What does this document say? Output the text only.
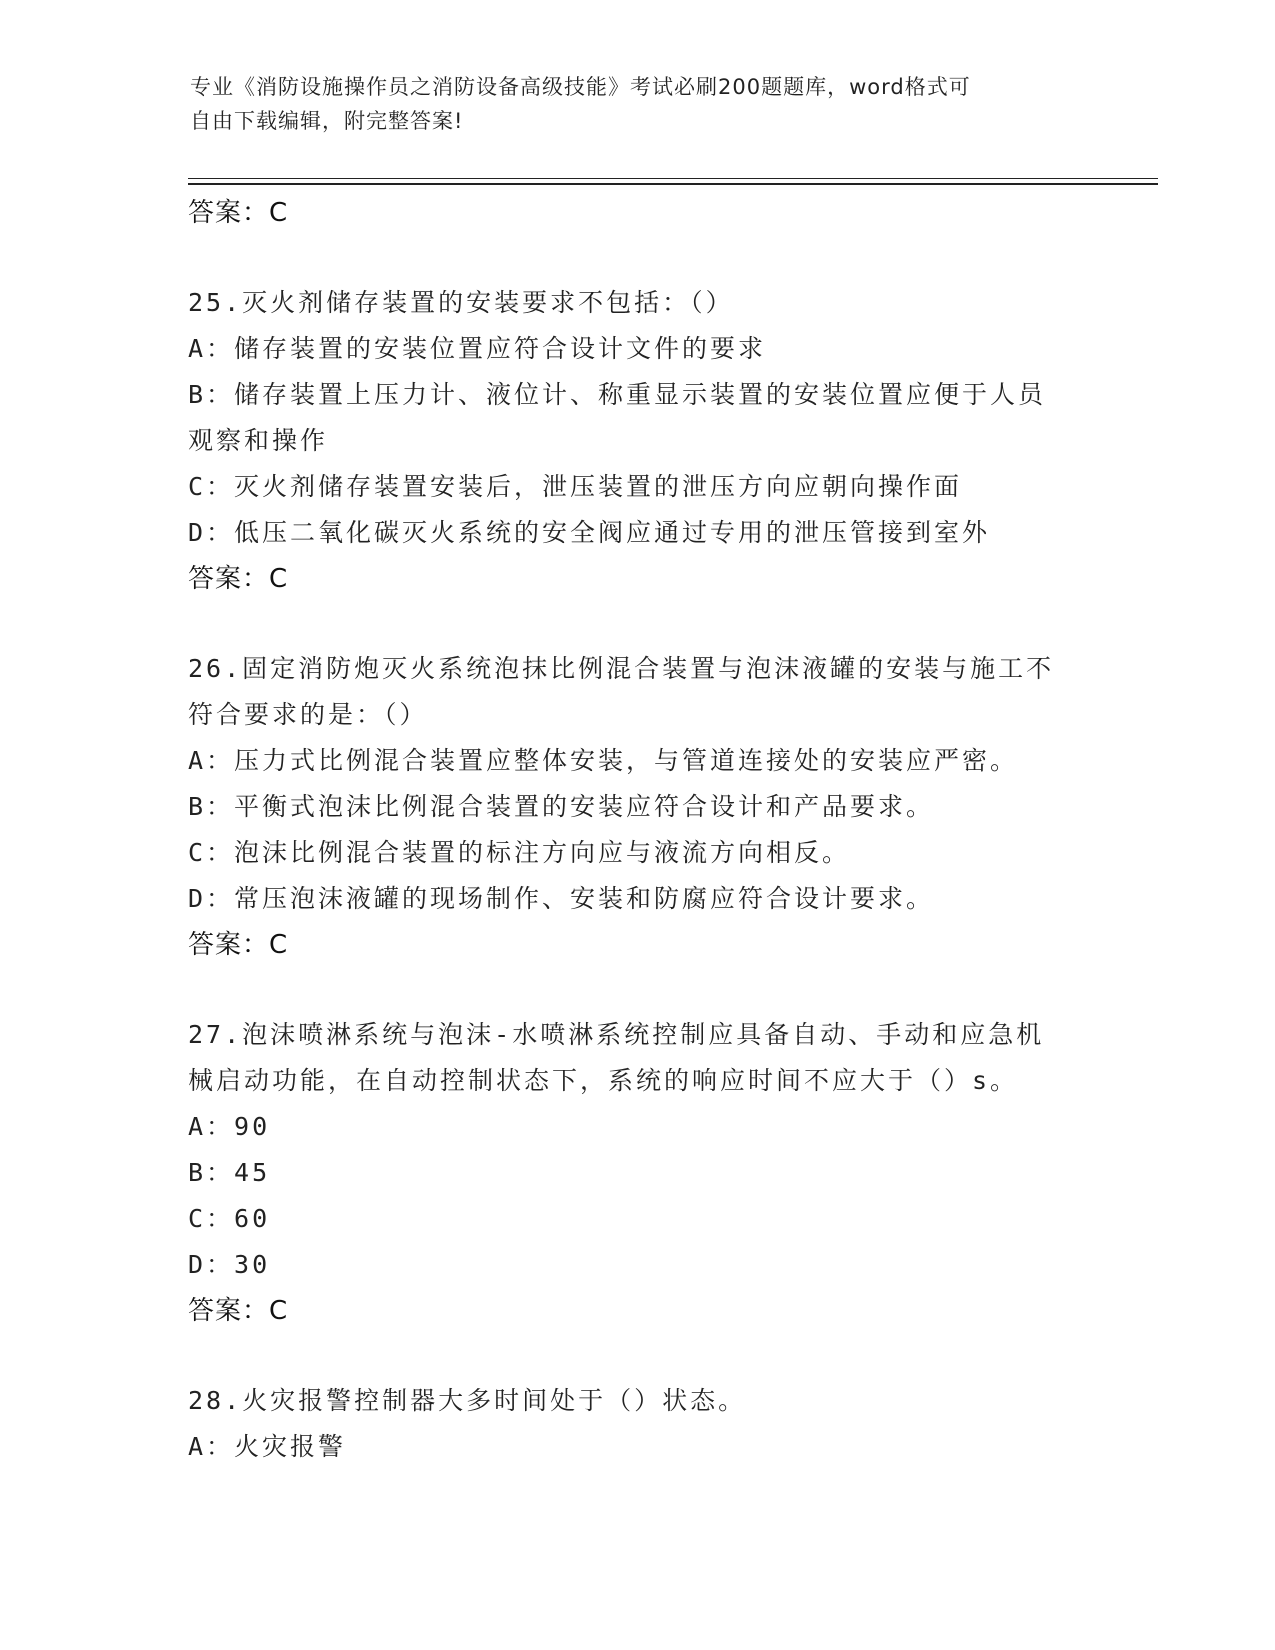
专业《消防设施操作员之消防设备高级技能》考试必刷200题题库，word格式可
自由下载编辑，附完整答案!
答案：C
25.灭火剂储存装置的安装要求不包括：（）
A：储存装置的安装位置应符合设计文件的要求
B：储存装置上压力计、液位计、称重显示装置的安装位置应便于人员
观察和操作
C：灭火剂储存装置安装后，泄压装置的泄压方向应朝向操作面
D：低压二氧化碳灭火系统的安全阀应通过专用的泄压管接到室外
答案：C
26.固定消防炮灭火系统泡抹比例混合装置与泡沫液罐的安装与施工不
符合要求的是：（）
A：压力式比例混合装置应整体安装，与管道连接处的安装应严密。
B：平衡式泡沫比例混合装置的安装应符合设计和产品要求。
C：泡沫比例混合装置的标注方向应与液流方向相反。
D：常压泡沫液罐的现场制作、安装和防腐应符合设计要求。
答案：C
27.泡沫喷淋系统与泡沫-水喷淋系统控制应具备自动、手动和应急机
械启动功能，在自动控制状态下，系统的响应时间不应大于（）s。
A：90
B：45
C：60
D：30
答案：C
28.火灾报警控制器大多时间处于（）状态。
A：火灾报警
